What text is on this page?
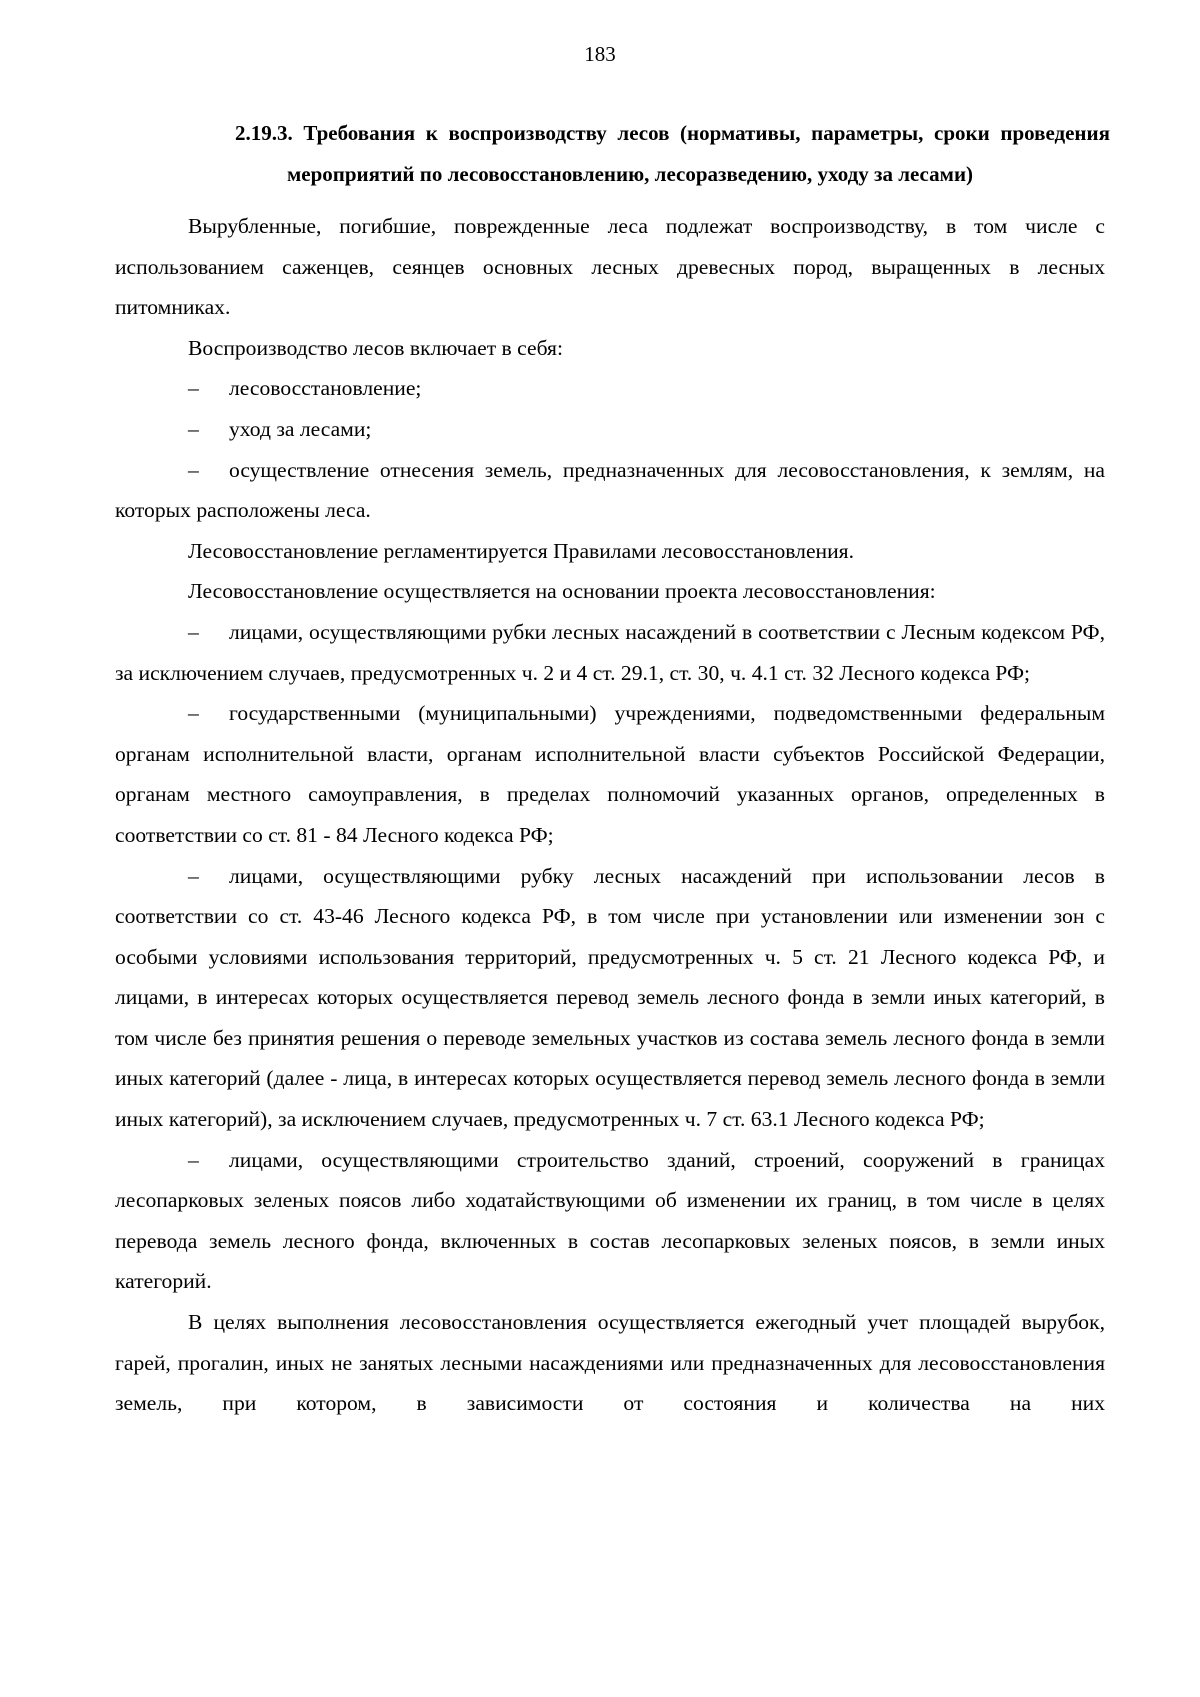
183
2.19.3. Требования к воспроизводству лесов (нормативы, параметры, сроки проведения мероприятий по лесовосстановлению, лесоразведению, уходу за лесами)

Вырубленные, погибшие, поврежденные леса подлежат воспроизводству, в том числе с использованием саженцев, сеянцев основных лесных древесных пород, выращенных в лесных питомниках.

Воспроизводство лесов включает в себя:

– лесовосстановление;

– уход за лесами;

– осуществление отнесения земель, предназначенных для лесовосстановления, к землям, на которых расположены леса.

Лесовосстановление регламентируется Правилами лесовосстановления.

Лесовосстановление осуществляется на основании проекта лесовосстановления:

– лицами, осуществляющими рубки лесных насаждений в соответствии с Лесным кодексом РФ, за исключением случаев, предусмотренных ч. 2 и 4 ст. 29.1, ст. 30, ч. 4.1 ст. 32 Лесного кодекса РФ;

– государственными (муниципальными) учреждениями, подведомственными федеральным органам исполнительной власти, органам исполнительной власти субъектов Российской Федерации, органам местного самоуправления, в пределах полномочий указанных органов, определенных в соответствии со ст. 81 - 84 Лесного кодекса РФ;

– лицами, осуществляющими рубку лесных насаждений при использовании лесов в соответствии со ст. 43-46 Лесного кодекса РФ, в том числе при установлении или изменении зон с особыми условиями использования территорий, предусмотренных ч. 5 ст. 21 Лесного кодекса РФ, и лицами, в интересах которых осуществляется перевод земель лесного фонда в земли иных категорий, в том числе без принятия решения о переводе земельных участков из состава земель лесного фонда в земли иных категорий (далее - лица, в интересах которых осуществляется перевод земель лесного фонда в земли иных категорий), за исключением случаев, предусмотренных ч. 7 ст. 63.1 Лесного кодекса РФ;

– лицами, осуществляющими строительство зданий, строений, сооружений в границах лесопарковых зеленых поясов либо ходатайствующими об изменении их границ, в том числе в целях перевода земель лесного фонда, включенных в состав лесопарковых зеленых поясов, в земли иных категорий.

В целях выполнения лесовосстановления осуществляется ежегодный учет площадей вырубок, гарей, прогалин, иных не занятых лесными насаждениями или предназначенных для лесовосстановления земель, при котором, в зависимости от состояния и количества на них
